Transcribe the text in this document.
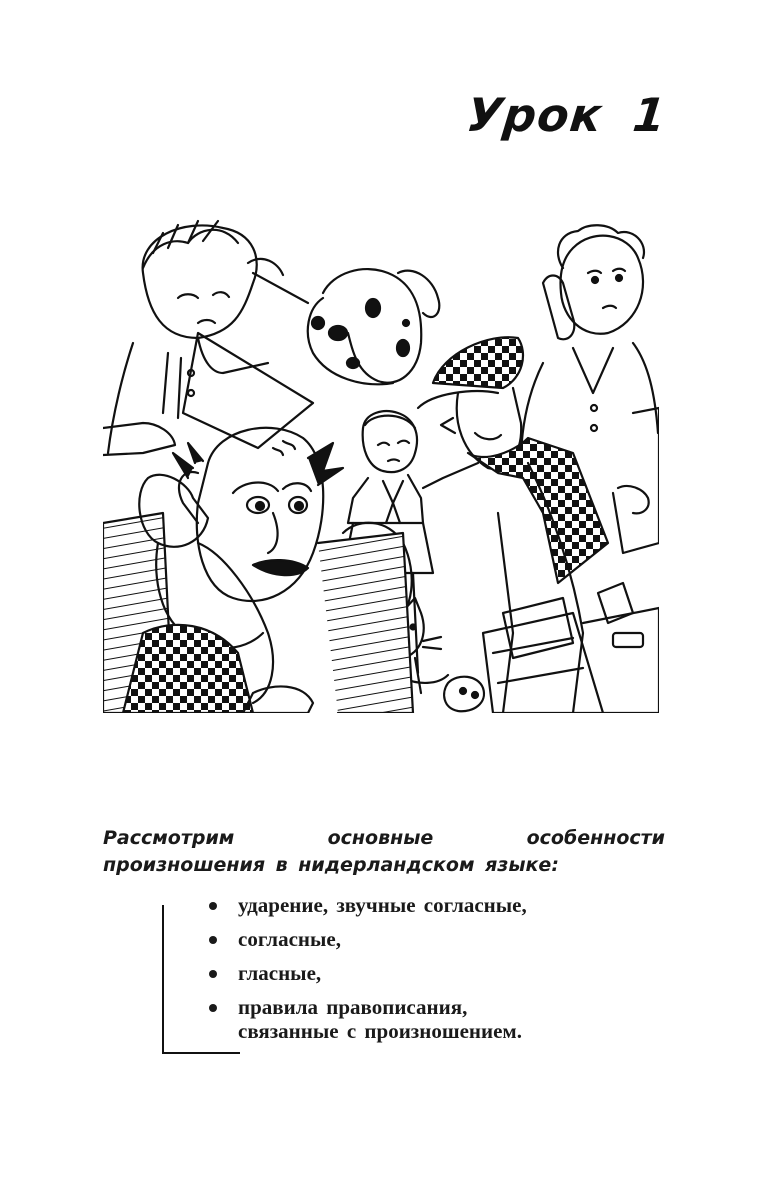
Урок 1

Рассмотрим основные особенности произношения в нидерландском языке:

ударение, звучные согласные,
согласные,
гласные,
правила правописания,
связанные с произношением.
